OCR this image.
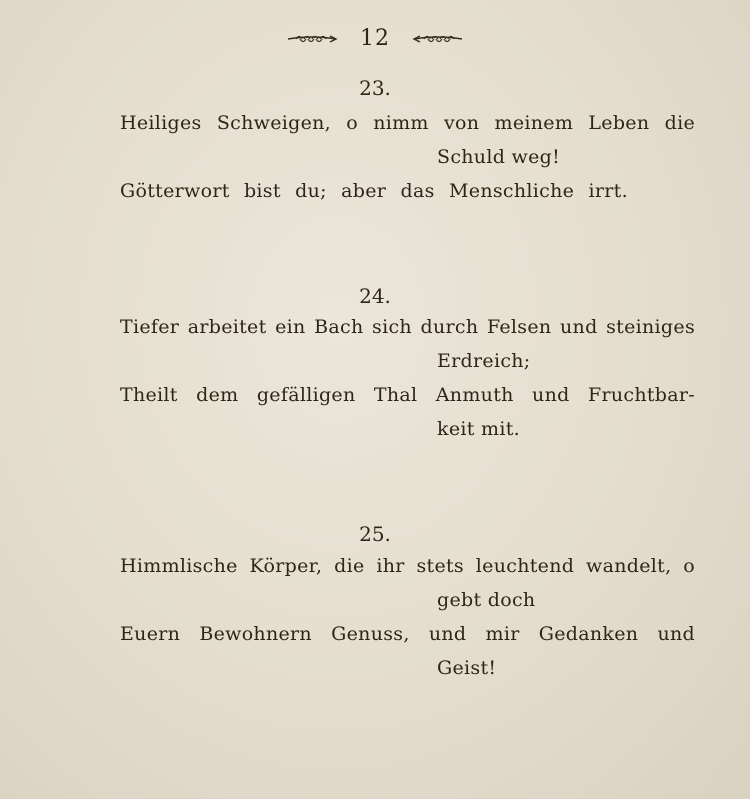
12
23.
Heiliges Schweigen, o nimm von meinem Leben die
Schuld weg!
Götterwort bist du; aber das Menschliche irrt.
24.
Tiefer arbeitet ein Bach sich durch Felsen und steiniges
Erdreich;
Theilt dem gefälligen Thal Anmuth und Fruchtbar-
keit mit.
25.
Himmlische Körper, die ihr stets leuchtend wandelt, o
gebt doch
Euern Bewohnern Genuss, und mir Gedanken und
Geist!
